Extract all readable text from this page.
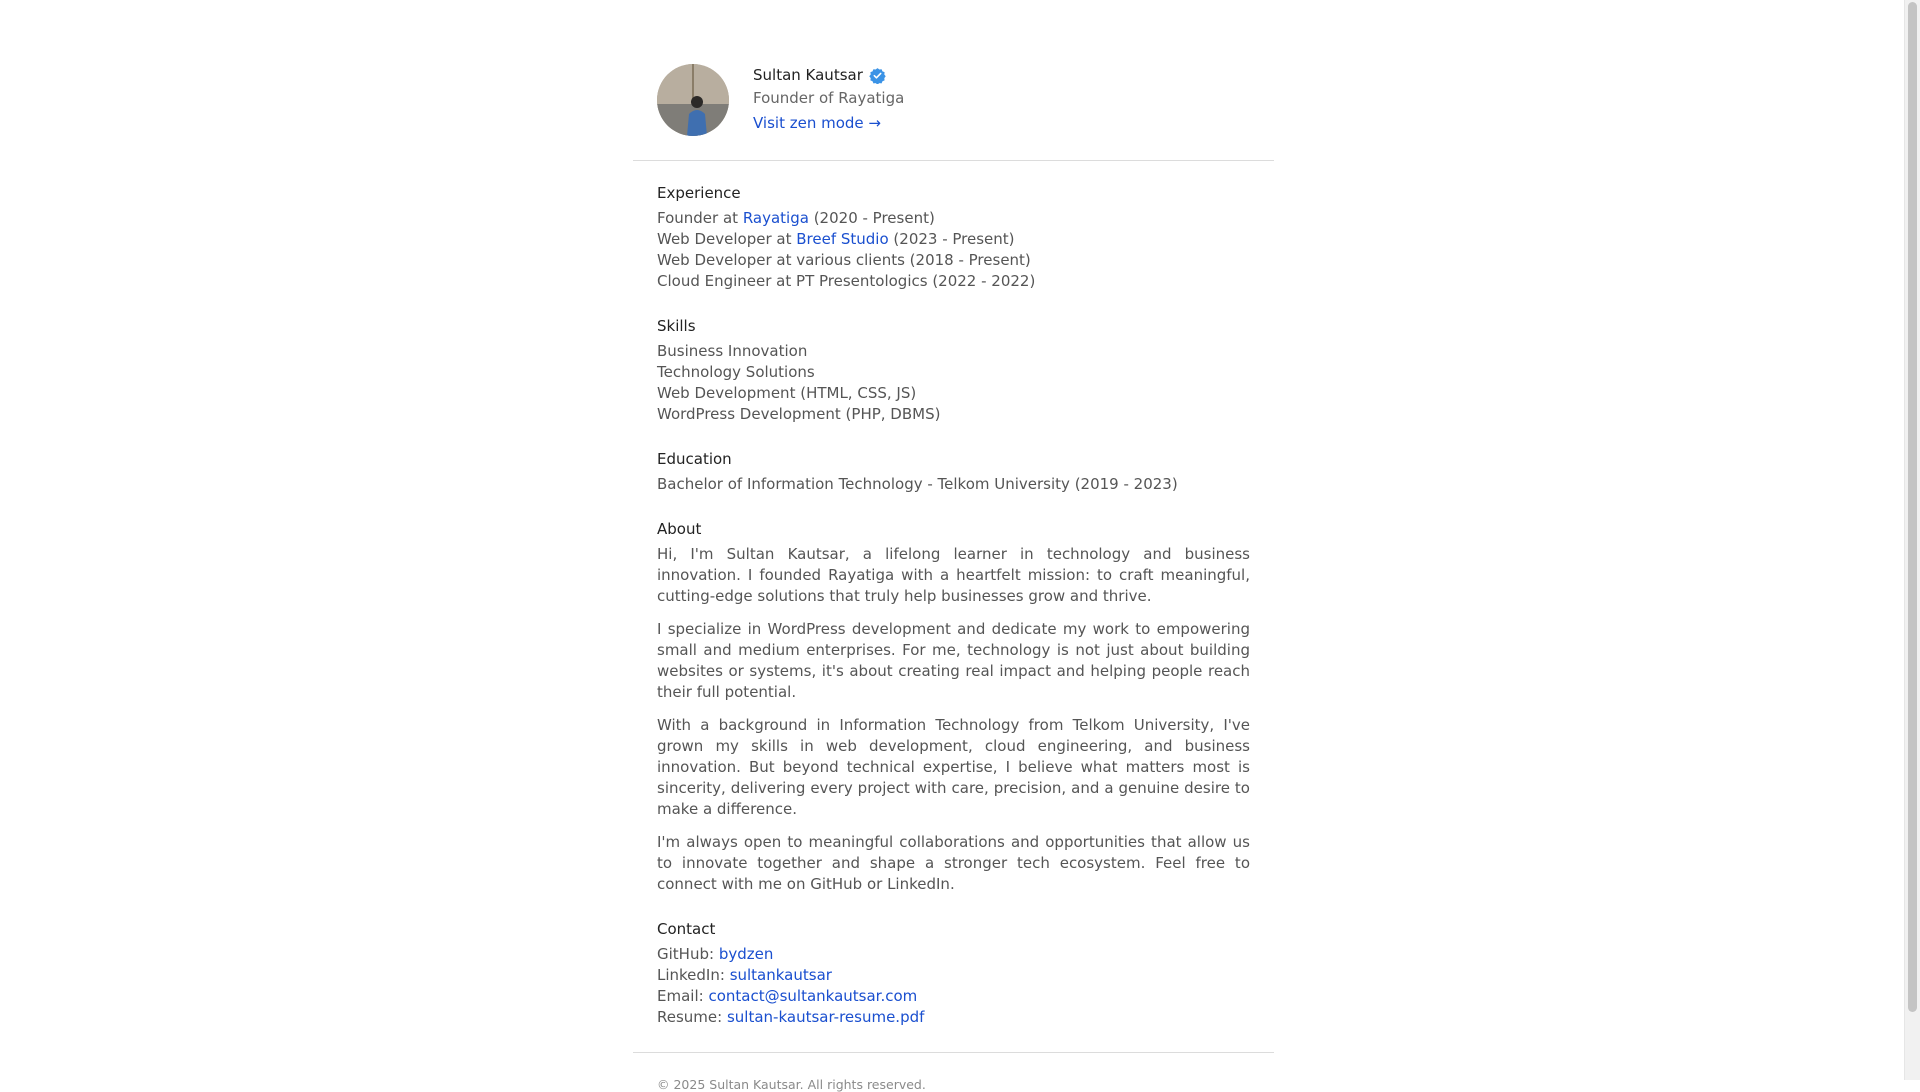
Sultan Kautsar
Founder of Rayatiga
Visit zen mode →
Experience

Founder at Rayatiga (2020 - Present)

Web Developer at Breef Studio (2023 - Present)

Web Developer at various clients (2018 - Present)

Cloud Engineer at PT Presentologics (2022 - 2022)

Skills

Business Innovation

Technology Solutions

Web Development (HTML, CSS, JS)

WordPress Development (PHP, DBMS)

Education

Bachelor of Information Technology - Telkom University (2019 - 2023)

About

Hi, I'm Sultan Kautsar, a lifelong learner in technology and business innovation. I founded Rayatiga with a heartfelt mission: to craft meaningful, cutting-edge solutions that truly help businesses grow and thrive.

I specialize in WordPress development and dedicate my work to empowering small and medium enterprises. For me, technology is not just about building websites or systems, it's about creating real impact and helping people reach their full potential.

With a background in Information Technology from Telkom University, I've grown my skills in web development, cloud engineering, and business innovation. But beyond technical expertise, I believe what matters most is sincerity, delivering every project with care, precision, and a genuine desire to make a difference.

I'm always open to meaningful collaborations and opportunities that allow us to innovate together and shape a stronger tech ecosystem. Feel free to connect with me on GitHub or LinkedIn.

Contact

GitHub: bydzen

LinkedIn: sultankautsar

Email: contact@sultankautsar.com

Resume: sultan-kautsar-resume.pdf

© 2025 Sultan Kautsar. All rights reserved.
